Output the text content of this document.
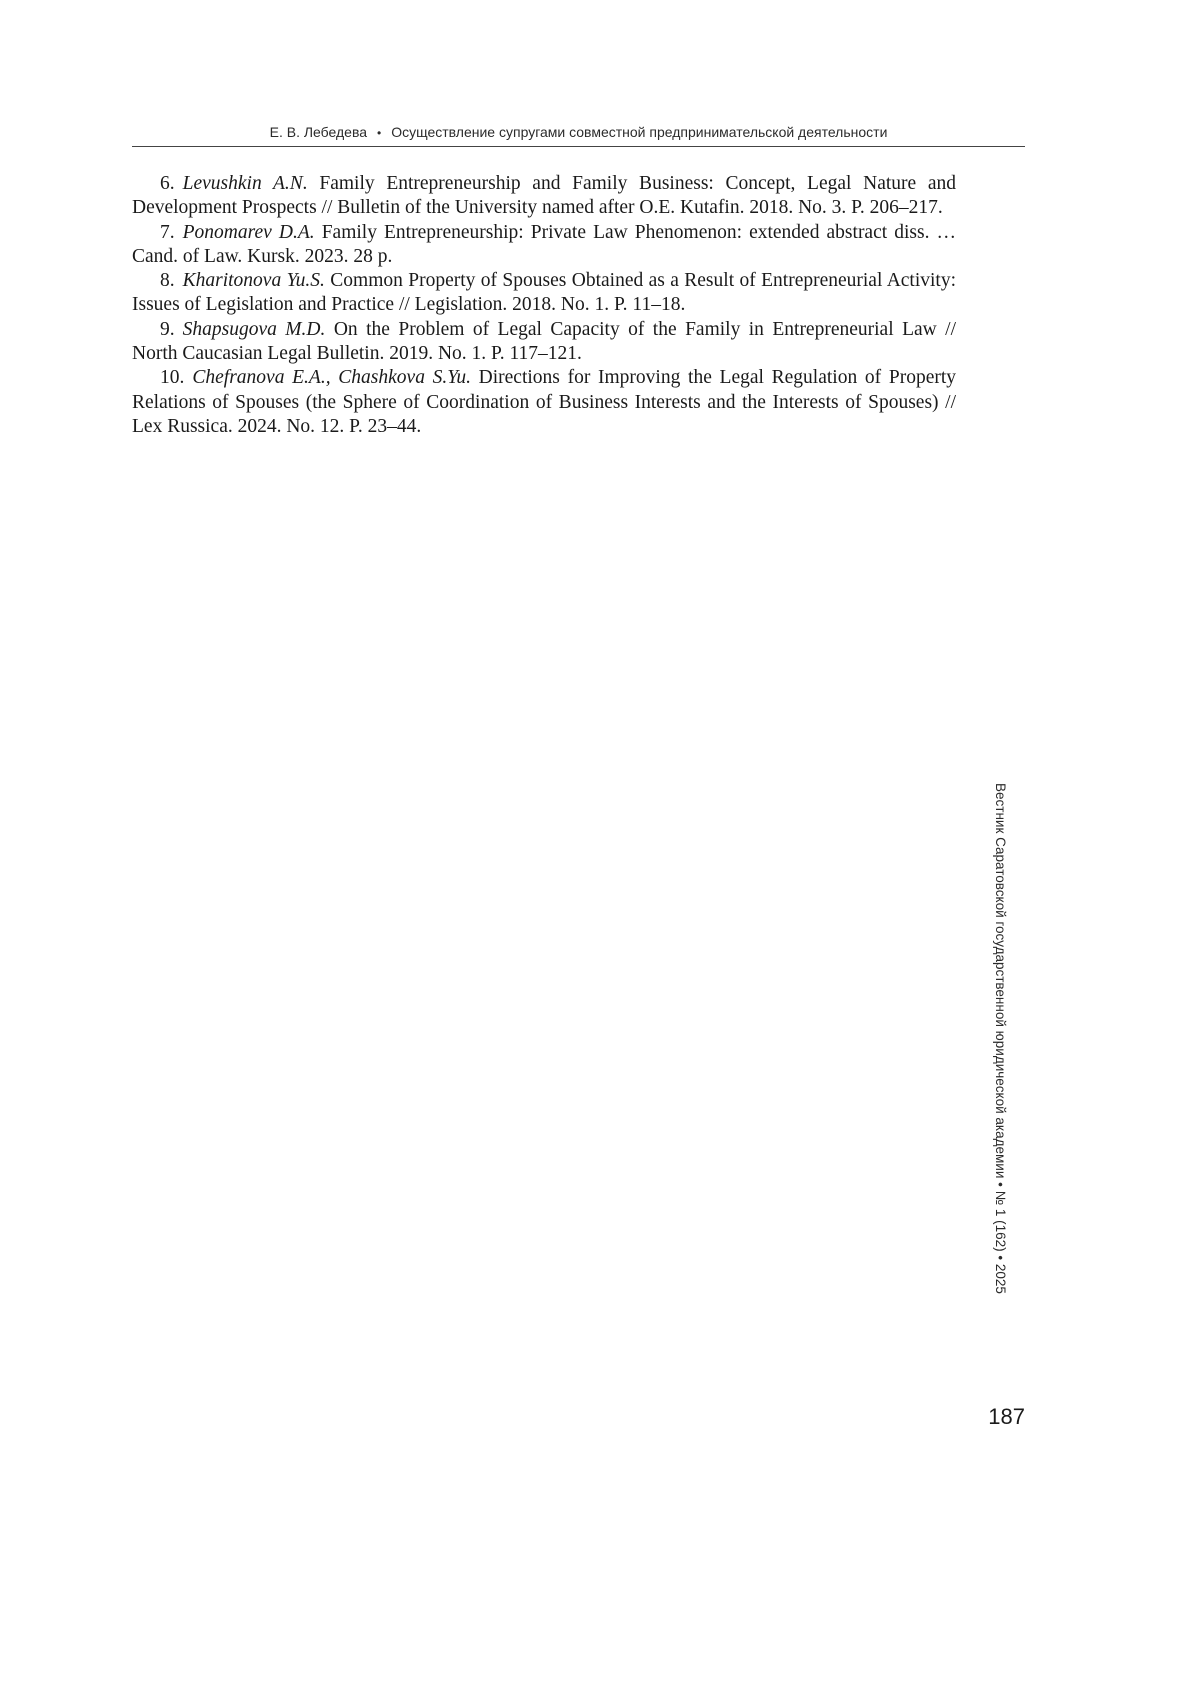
Е. В. Лебедева • Осуществление супругами совместной предпринимательской деятельности
6. Levushkin A.N. Family Entrepreneurship and Family Business: Concept, Legal Nature and Development Prospects // Bulletin of the University named after O.E. Kutafin. 2018. No. 3. P. 206–217.
7. Ponomarev D.A. Family Entrepreneurship: Private Law Phenomenon: extended abstract diss. … Cand. of Law. Kursk. 2023. 28 p.
8. Kharitonova Yu.S. Common Property of Spouses Obtained as a Result of Entrepreneurial Activity: Issues of Legislation and Practice // Legislation. 2018. No. 1. P. 11–18.
9. Shapsugova M.D. On the Problem of Legal Capacity of the Family in Entrepreneurial Law // North Caucasian Legal Bulletin. 2019. No. 1. P. 117–121.
10. Chefranova E.A., Chashkova S.Yu. Directions for Improving the Legal Regulation of Property Relations of Spouses (the Sphere of Coordination of Business Interests and the Interests of Spouses) // Lex Russica. 2024. No. 12. P. 23–44.
Вестник Саратовской государственной юридической академии • № 1 (162) • 2025
187
